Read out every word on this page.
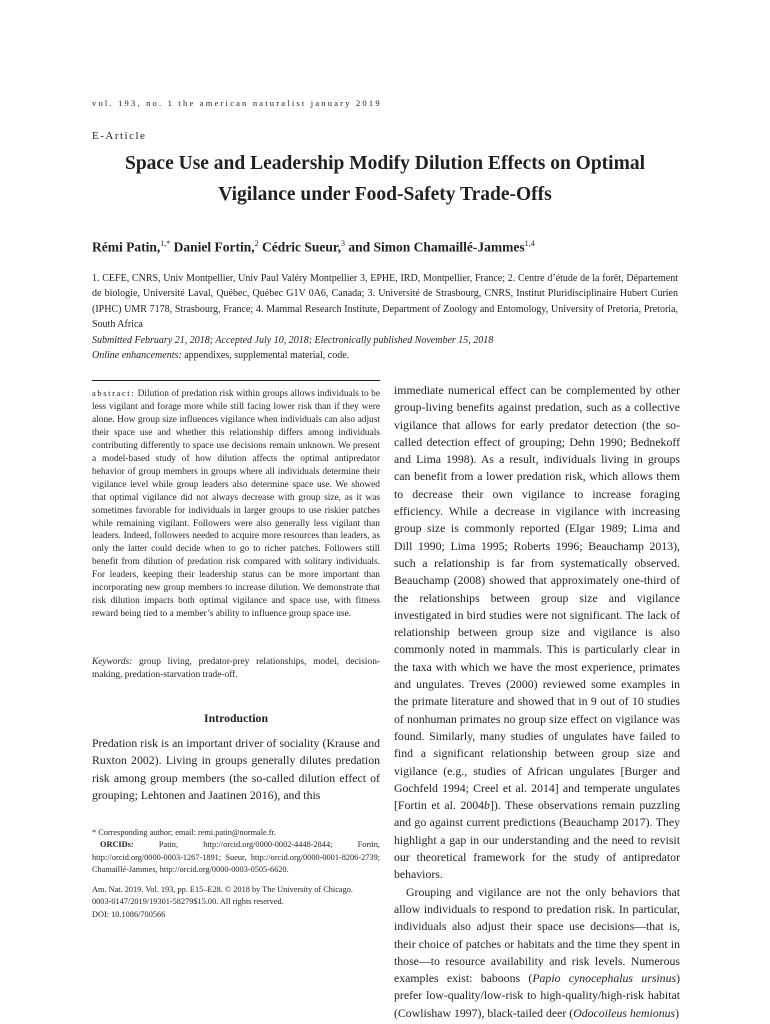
vol. 193, no. 1 the american naturalist january 2019
E-Article
Space Use and Leadership Modify Dilution Effects on Optimal Vigilance under Food-Safety Trade-Offs
Rémi Patin,$^{1,*}$ Daniel Fortin,$^2$ Cédric Sueur,$^3$ and Simon Chamaillé-Jammes$^{1,4}$
1. CEFE, CNRS, Univ Montpellier, Univ Paul Valéry Montpellier 3, EPHE, IRD, Montpellier, France; 2. Centre d’étude de la forêt, Département de biologie, Université Laval, Québec, Québec G1V 0A6, Canada; 3. Université de Strasbourg, CNRS, Institut Pluridisciplinaire Hubert Curien (IPHC) UMR 7178, Strasbourg, France; 4. Mammal Research Institute, Department of Zoology and Entomology, University of Pretoria, Pretoria, South Africa
Submitted February 21, 2018; Accepted July 10, 2018; Electronically published November 15, 2018
Online enhancements: appendixes, supplemental material, code.
abstract: Dilution of predation risk within groups allows individuals to be less vigilant and forage more while still facing lower risk than if they were alone. How group size influences vigilance when individuals can also adjust their space use and whether this relationship differs among individuals contributing differently to space use decisions remain unknown. We present a model-based study of how dilution affects the optimal antipredator behavior of group members in groups where all individuals determine their vigilance level while group leaders also determine space use. We showed that optimal vigilance did not always decrease with group size, as it was sometimes favorable for individuals in larger groups to use riskier patches while remaining vigilant. Followers were also generally less vigilant than leaders. Indeed, followers needed to acquire more resources than leaders, as only the latter could decide when to go to richer patches. Followers still benefit from dilution of predation risk compared with solitary individuals. For leaders, keeping their leadership status can be more important than incorporating new group members to increase dilution. We demonstrate that risk dilution impacts both optimal vigilance and space use, with fitness reward being tied to a member’s ability to influence group space use.
Keywords: group living, predator-prey relationships, model, decision-making, predation-starvation trade-off.
Introduction
Predation risk is an important driver of sociality (Krause and Ruxton 2002). Living in groups generally dilutes predation risk among group members (the so-called dilution effect of grouping; Lehtonen and Jaatinen 2016), and this

* Corresponding author; email: remi.patin@normale.fr.

ORCIDs: Patin, http://orcid.org/0000-0002-4448-2844; Fortin, http://orcid.org/0000-0003-1267-1891; Sueur, http://orcid.org/0000-0001-8206-2739; Chamaillé-Jammes, http://orcid.org/0000-0003-0505-6620.

Am. Nat. 2019. Vol. 193, pp. E15–E28. © 2018 by The University of Chicago.
0003-0147/2019/19301-58279$15.00. All rights reserved.
DOI: 10.1086/700566

immediate numerical effect can be complemented by other group-living benefits against predation, such as a collective vigilance that allows for early predator detection (the so-called detection effect of grouping; Dehn 1990; Bednekoff and Lima 1998). As a result, individuals living in groups can benefit from a lower predation risk, which allows them to decrease their own vigilance to increase foraging efficiency. While a decrease in vigilance with increasing group size is commonly reported (Elgar 1989; Lima and Dill 1990; Lima 1995; Roberts 1996; Beauchamp 2013), such a relationship is far from systematically observed. Beauchamp (2008) showed that approximately one-third of the relationships between group size and vigilance investigated in bird studies were not significant. The lack of relationship between group size and vigilance is also commonly noted in mammals. This is particularly clear in the taxa with which we have the most experience, primates and ungulates. Treves (2000) reviewed some examples in the primate literature and showed that in 9 out of 10 studies of nonhuman primates no group size effect on vigilance was found. Similarly, many studies of ungulates have failed to find a significant relationship between group size and vigilance (e.g., studies of African ungulates [Burger and Gochfeld 1994; Creel et al. 2014] and temperate ungulates [Fortin et al. 2004b]). These observations remain puzzling and go against current predictions (Beauchamp 2017). They highlight a gap in our understanding and the need to revisit our theoretical framework for the study of antipredator behaviors.

Grouping and vigilance are not the only behaviors that allow individuals to respond to predation risk. In particular, individuals also adjust their space use decisions—that is, their choice of patches or habitats and the time they spent in those—to resource availability and risk levels. Numerous examples exist: baboons (Papio cynocephalus ursinus) prefer low-quality/low-risk to high-quality/high-risk habitat (Cowlishaw 1997), black-tailed deer (Odocoileus hemionus)
